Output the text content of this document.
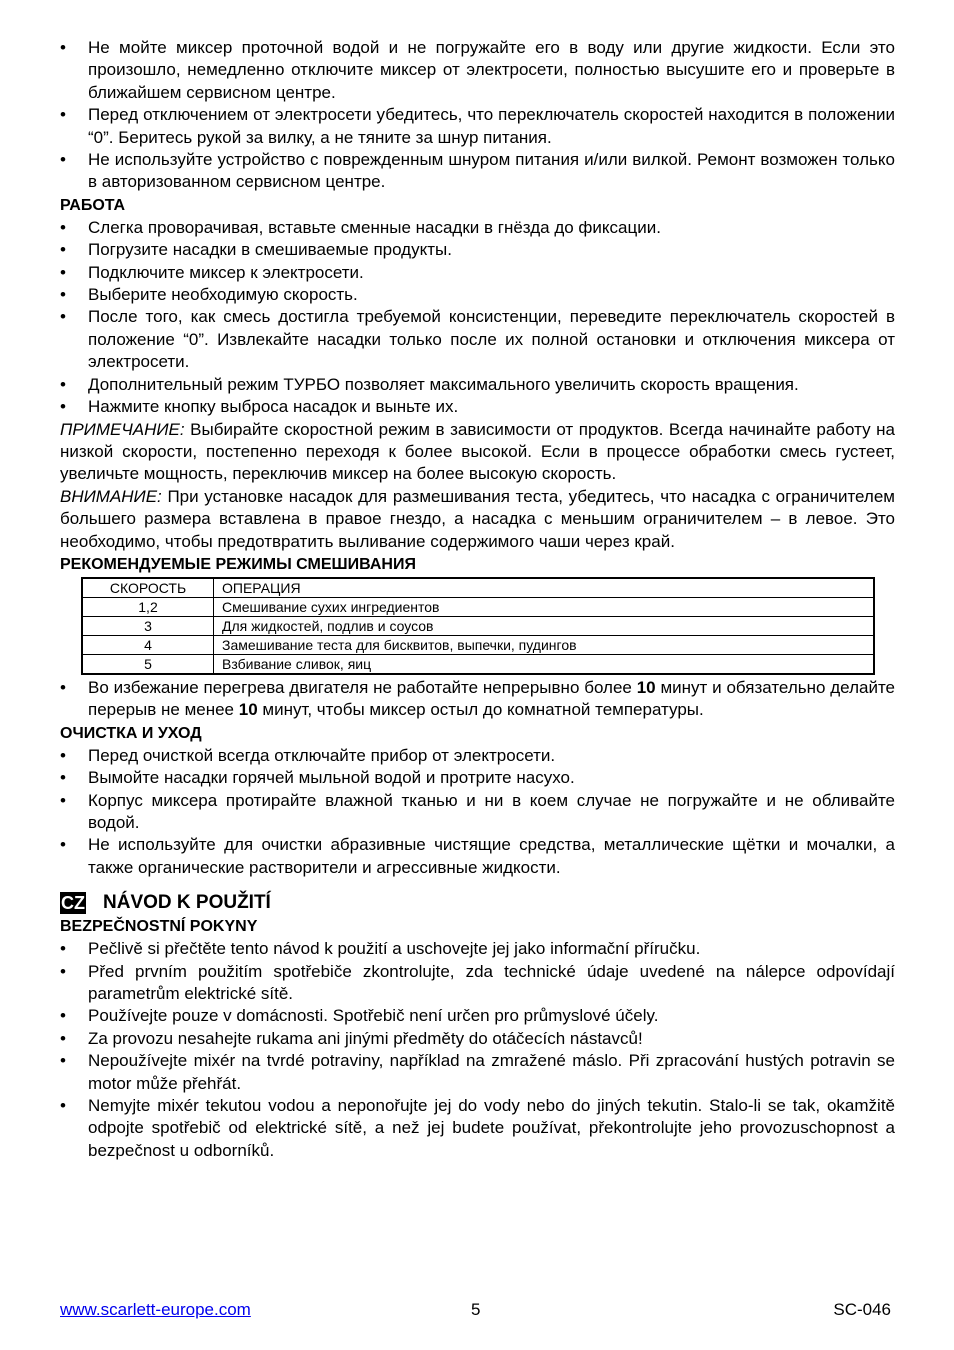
• Не мойте миксер проточной водой и не погружайте его в воду или другие жидкости. Если это произошло, немедленно отключите миксер от электросети, полностью высушите его и проверьте в ближайшем сервисном центре.
• Перед отключением от электросети убедитесь, что переключатель скоростей находится в положении “0”. Беритесь рукой за вилку, а не тяните за шнур питания.
• Не используйте устройство с поврежденным шнуром питания и/или вилкой. Ремонт возможен только в авторизованном сервисном центре.
РАБОТА
• Слегка проворачивая, вставьте сменные насадки в гнёзда до фиксации.
• Погрузите насадки в смешиваемые продукты.
• Подключите миксер к электросети.
• Выберите необходимую скорость.
• После того, как смесь достигла требуемой консистенции, переведите переключатель скоростей в положение “0”. Извлекайте насадки только после их полной остановки и отключения миксера от электросети.
• Дополнительный режим ТУРБО позволяет максимального увеличить скорость вращения.
• Нажмите кнопку выброса насадок и выньте их.

ПРИМЕЧАНИЕ: Выбирайте скоростной режим в зависимости от продуктов. Всегда начинайте работу на низкой скорости, постепенно переходя к более высокой. Если в процессе обработки смесь густеет, увеличьте мощность, переключив миксер на более высокую скорость.

ВНИМАНИЕ: При установке насадок для размешивания теста, убедитесь, что насадка с ограничителем большего размера вставлена в правое гнездо, а насадка с меньшим ограничителем – в левое. Это необходимо, чтобы предотвратить выливание содержимого чаши через край.

РЕКОМЕНДУЕМЫЕ РЕЖИМЫ СМЕШИВАНИЯ
СКОРОСТЬ	ОПЕРАЦИЯ
1,2	Смешивание сухих ингредиентов
3	Для жидкостей, подлив и соусов
4	Замешивание теста для бисквитов, выпечки, пудингов
5	Взбивание сливок, яиц
• Во избежание перегрева двигателя не работайте непрерывно более 10 минут и обязательно делайте перерыв не менее 10 минут, чтобы миксер остыл до комнатной температуры.
ОЧИСТКА И УХОД
• Перед очисткой всегда отключайте прибор от электросети.
• Вымойте насадки горячей мыльной водой и протрите насухо.
• Корпус миксера протирайте влажной тканью и ни в коем случае не погружайте и не обливайте водой.
• Не используйте для очистки абразивные чистящие средства, металлические щётки и мочалки, а также органические растворители и агрессивные жидкости.
CZ NÁVOD K POUŽITÍ
BEZPEČNOSTNÍ POKYNY
• Pečlivě si přečtěte tento návod k použití a uschovejte jej jako informační příručku.
• Před prvním použitím spotřebiče zkontrolujte, zda technické údaje uvedené na nálepce odpovídají parametrům elektrické sítě.
• Používejte pouze v domácnosti. Spotřebič není určen pro průmyslové účely.
• Za provozu nesahejte rukama ani jinými předměty do otáčecích nástavců!
• Nepoužívejte mixér na tvrdé potraviny, například na zmražené máslo. Při zpracování hustých potravin se motor může přehřát.
• Nemyjte mixér tekutou vodou a neponořujte jej do vody nebo do jiných tekutin. Stalo-li se tak, okamžitě odpojte spotřebič od elektrické sítě, a než jej budete používat, překontrolujte jeho provozuschopnost a bezpečnost u odborníků.
www.scarlett-europe.com	5	SC-046
